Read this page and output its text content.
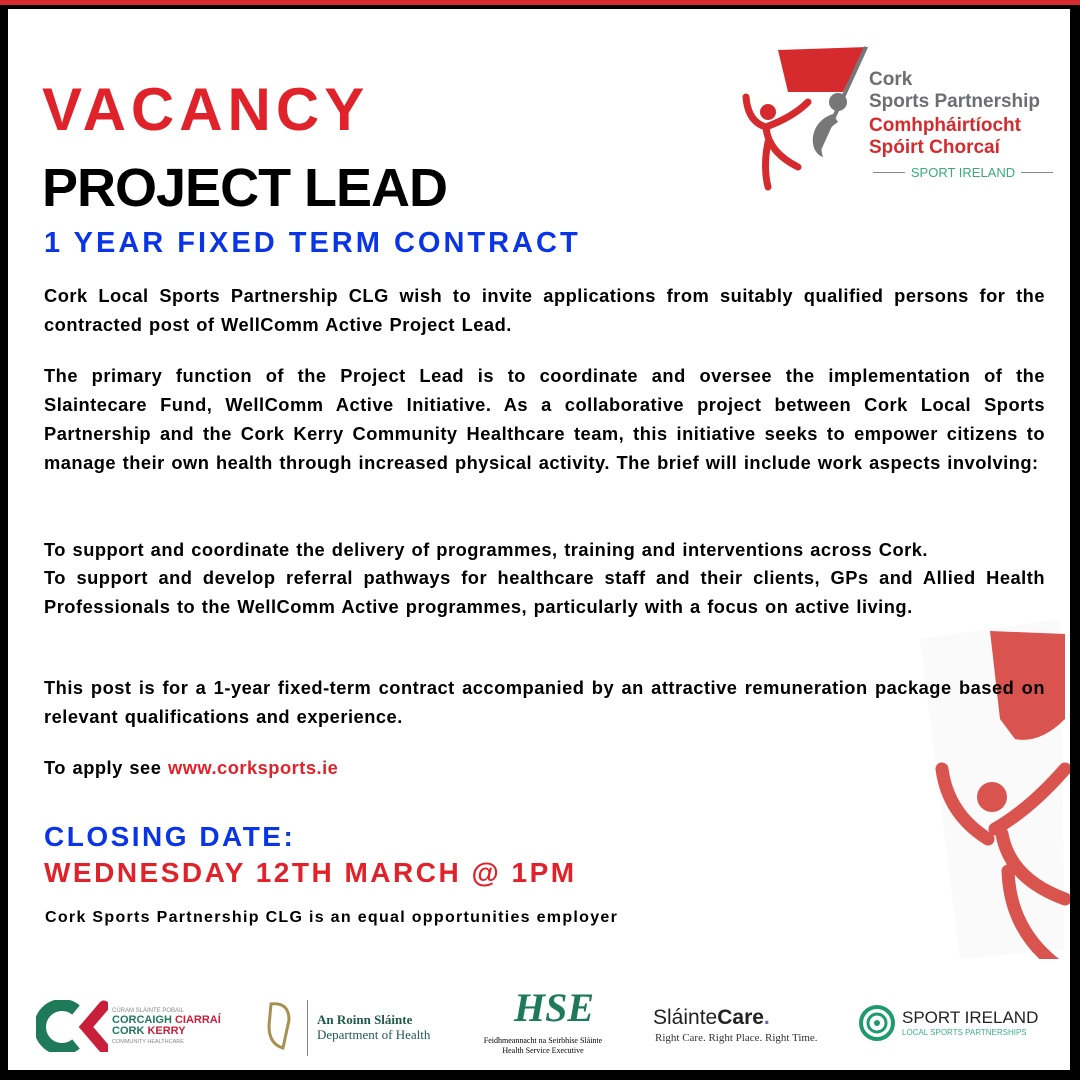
VACANCY
PROJECT LEAD
1 YEAR FIXED TERM CONTRACT
Cork
Sports Partnership
Comhpháirtíocht
Spóirt Chorcaí
SPORT IRELAND
Cork Local Sports Partnership CLG wish to invite applications from suitably qualified persons for the contracted post of WellComm Active Project Lead.
The primary function of the Project Lead is to coordinate and oversee the implementation of the Slaintecare Fund, WellComm Active Initiative. As a collaborative project between Cork Local Sports Partnership and the Cork Kerry Community Healthcare team, this initiative seeks to empower citizens to manage their own health through increased physical activity. The brief will include work aspects involving:
To support and coordinate the delivery of programmes, training and interventions across Cork.
To support and develop referral pathways for healthcare staff and their clients, GPs and Allied Health Professionals to the WellComm Active programmes, particularly with a focus on active living.
This post is for a 1-year fixed-term contract accompanied by an attractive remuneration package based on relevant qualifications and experience.
To apply see www.corksports.ie
CLOSING DATE:
WEDNESDAY 12TH MARCH @ 1PM
Cork Sports Partnership CLG is an equal opportunities employer
CÚRAM SLÁINTE POBAIL
CORCAIGH CIARRAÍ
CORK KERRY
COMMUNITY HEALTHCARE
An Roinn Sláinte
Department of Health
HSE
Feidhmeannacht na Seirbhíse Sláinte
Health Service Executive
SláinteCare.
Right Care. Right Place. Right Time.
SPORT IRELAND
LOCAL SPORTS PARTNERSHIPS
